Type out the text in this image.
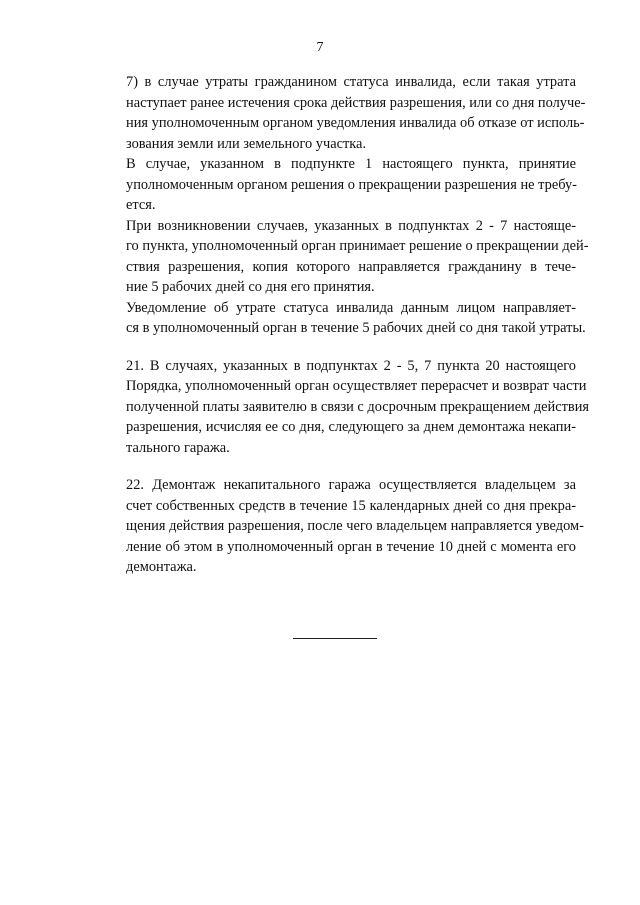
7

7) в случае утраты гражданином статуса инвалида, если такая утрата
наступает ранее истечения срока действия разрешения, или со дня получе-
ния уполномоченным органом уведомления инвалида об отказе от исполь-
зования земли или земельного участка.

В случае, указанном в подпункте 1 настоящего пункта, принятие
уполномоченным органом решения о прекращении разрешения не требу-
ется.

При возникновении случаев, указанных в подпунктах 2 - 7 настояще-
го пункта, уполномоченный орган принимает решение о прекращении дей-
ствия разрешения, копия которого направляется гражданину в тече-
ние 5 рабочих дней со дня его принятия.

Уведомление об утрате статуса инвалида данным лицом направляет-
ся в уполномоченный орган в течение 5 рабочих дней со дня такой утраты.

21. В случаях, указанных в подпунктах 2 - 5, 7 пункта 20 настоящего
Порядка, уполномоченный орган осуществляет перерасчет и возврат части
полученной платы заявителю в связи с досрочным прекращением действия
разрешения, исчисляя ее со дня, следующего за днем демонтажа некапи-
тального гаража.

22. Демонтаж некапитального гаража осуществляется владельцем за
счет собственных средств в течение 15 календарных дней со дня прекра-
щения действия разрешения, после чего владельцем направляется уведом-
ление об этом в уполномоченный орган в течение 10 дней с момента его
демонтажа.
